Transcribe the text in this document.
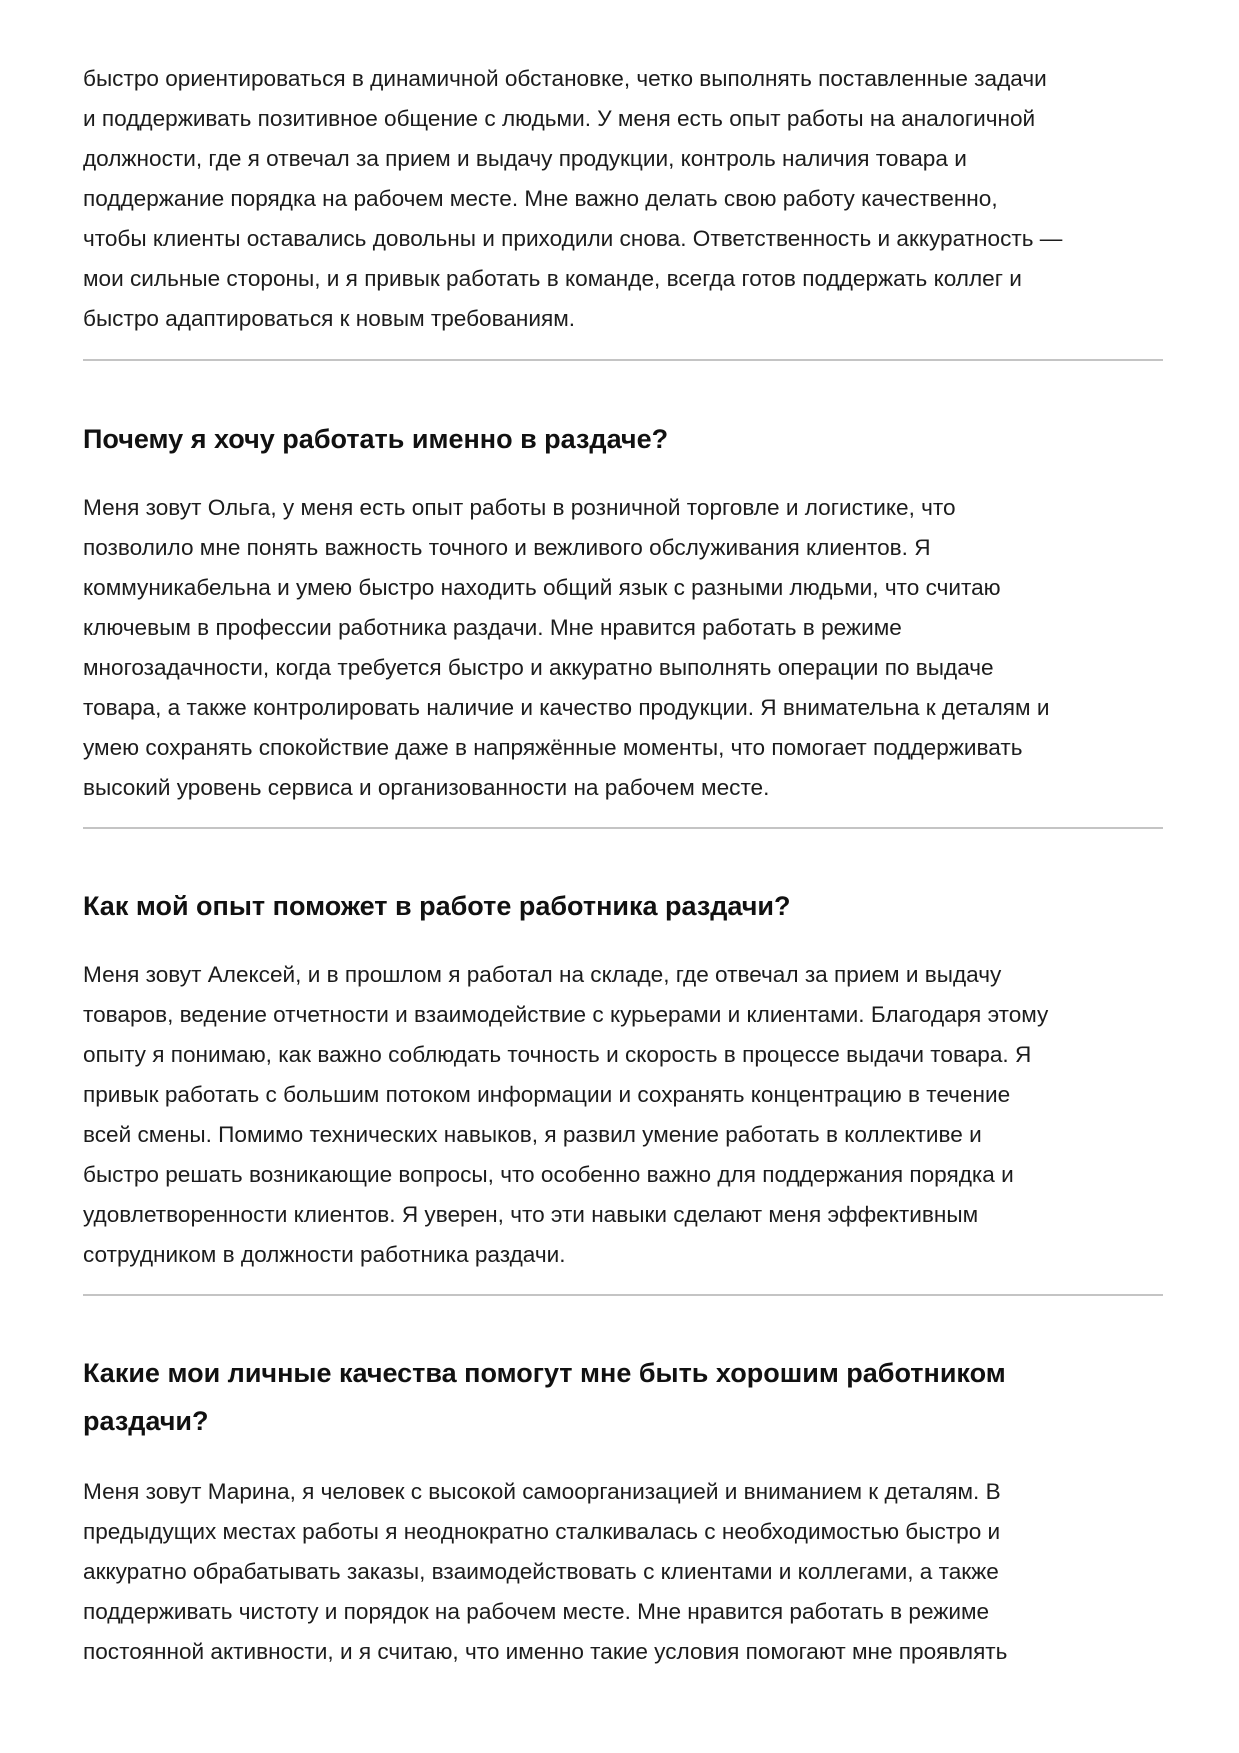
быстро ориентироваться в динамичной обстановке, четко выполнять поставленные задачи
и поддерживать позитивное общение с людьми. У меня есть опыт работы на аналогичной
должности, где я отвечал за прием и выдачу продукции, контроль наличия товара и
поддержание порядка на рабочем месте. Мне важно делать свою работу качественно,
чтобы клиенты оставались довольны и приходили снова. Ответственность и аккуратность —
мои сильные стороны, и я привык работать в команде, всегда готов поддержать коллег и
быстро адаптироваться к новым требованиям.

Почему я хочу работать именно в раздаче?

Меня зовут Ольга, у меня есть опыт работы в розничной торговле и логистике, что
позволило мне понять важность точного и вежливого обслуживания клиентов. Я
коммуникабельна и умею быстро находить общий язык с разными людьми, что считаю
ключевым в профессии работника раздачи. Мне нравится работать в режиме
многозадачности, когда требуется быстро и аккуратно выполнять операции по выдаче
товара, а также контролировать наличие и качество продукции. Я внимательна к деталям и
умею сохранять спокойствие даже в напряжённые моменты, что помогает поддерживать
высокий уровень сервиса и организованности на рабочем месте.

Как мой опыт поможет в работе работника раздачи?

Меня зовут Алексей, и в прошлом я работал на складе, где отвечал за прием и выдачу
товаров, ведение отчетности и взаимодействие с курьерами и клиентами. Благодаря этому
опыту я понимаю, как важно соблюдать точность и скорость в процессе выдачи товара. Я
привык работать с большим потоком информации и сохранять концентрацию в течение
всей смены. Помимо технических навыков, я развил умение работать в коллективе и
быстро решать возникающие вопросы, что особенно важно для поддержания порядка и
удовлетворенности клиентов. Я уверен, что эти навыки сделают меня эффективным
сотрудником в должности работника раздачи.

Какие мои личные качества помогут мне быть хорошим работником
раздачи?

Меня зовут Марина, я человек с высокой самоорганизацией и вниманием к деталям. В
предыдущих местах работы я неоднократно сталкивалась с необходимостью быстро и
аккуратно обрабатывать заказы, взаимодействовать с клиентами и коллегами, а также
поддерживать чистоту и порядок на рабочем месте. Мне нравится работать в режиме
постоянной активности, и я считаю, что именно такие условия помогают мне проявлять
